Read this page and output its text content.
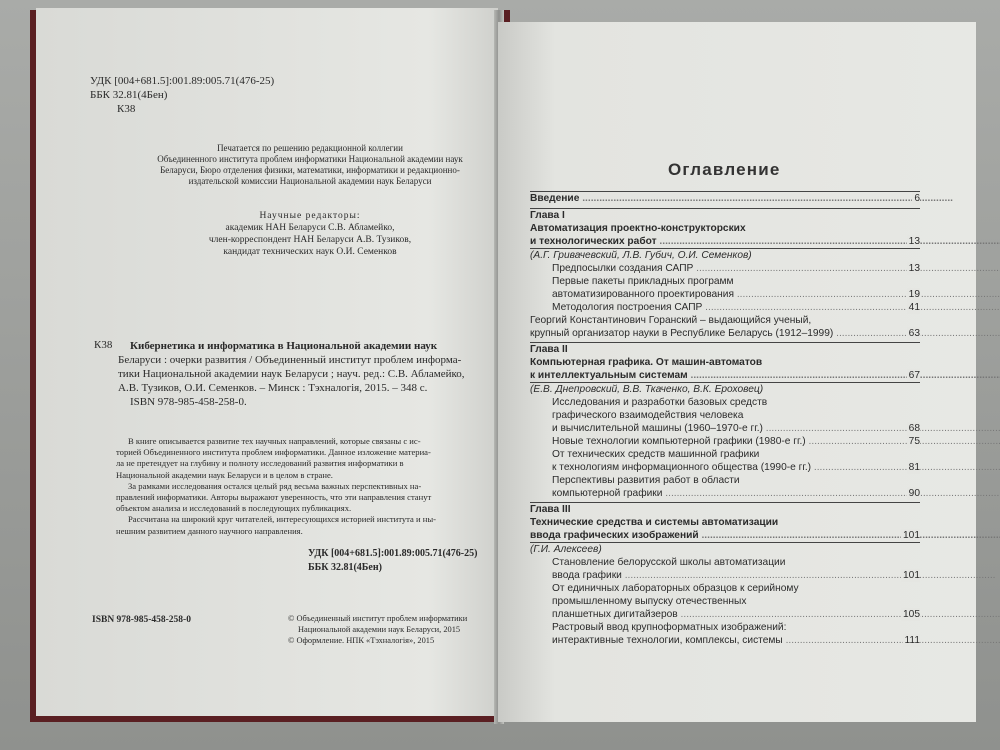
УДК [004+681.5]:001.89:005.71(476-25)
ББК 32.81(4Бен)
К38
Печатается по решению редакционной коллегии
Объединенного института проблем информатики Национальной академии наук
Беларуси, Бюро отделения физики, математики, информатики и редакционно-
издательской комиссии Национальной академии наук Беларуси
Научные редакторы:
академик НАН Беларуси С.В. Абламейко,
член-корреспондент НАН Беларуси А.В. Тузиков,
кандидат технических наук О.И. Семенков
К38 Кибернетика и информатика в Национальной академии наук
Беларуси : очерки развития / Объединенный институт проблем информа-
тики Национальной академии наук Беларуси ; науч. ред.: С.В. Абламейко,
А.В. Тузиков, О.И. Семенков. – Минск : Тэхналогія, 2015. – 348 с.
ISBN 978-985-458-258-0.
В книге описывается развитие тех научных направлений, которые связаны с ис-
торией Объединенного института проблем информатики. Данное изложение материа-
ла не претендует на глубину и полноту исследований развития информатики в
Национальной академии наук Беларуси и в целом в стране.
За рамками исследования остался целый ряд весьма важных перспективных на-
правлений информатики. Авторы выражают уверенность, что эти направления станут
объектом анализа и исследований в последующих публикациях.
Рассчитана на широкий круг читателей, интересующихся историей института и ны-
нешним развитием данного научного направления.
УДК [004+681.5]:001.89:005.71(476-25)
ББК 32.81(4Бен)
ISBN 978-985-458-258-0	© Объединенный институт проблем информатики
Национальной академии наук Беларуси, 2015
© Оформление. НПК «Тэхналогія», 2015
Оглавление
Введение .....	6
Глава I
Автоматизация проектно-конструкторских
и технологических работ .....	13
(А.Г. Гривачевский, Л.В. Губич, О.И. Семенков)
Предпосылки создания САПР .....	13
Первые пакеты прикладных программ
автоматизированного проектирования .....	19
Методология построения САПР .....	41
Георгий Константинович Горанский – выдающийся ученый,
крупный организатор науки в Республике Беларусь (1912–1999) .....	63
Глава II
Компьютерная графика. От машин-автоматов
к интеллектуальным системам .....	67
(Е.В. Днепровский, В.В. Ткаченко, В.К. Ероховец)
Исследования и разработки базовых средств
графического взаимодействия человека
и вычислительной машины (1960–1970-е гг.) .....	68
Новые технологии компьютерной графики (1980-е гг.) .....	75
От технических средств машинной графики
к технологиям информационного общества (1990-е гг.) .....	81
Перспективы развития работ в области
компьютерной графики .....	90
Глава III
Технические средства и системы автоматизации
ввода графических изображений .....	101
(Г.И. Алексеев)
Становление белорусской школы автоматизации
ввода графики .....	101
От единичных лабораторных образцов к серийному
промышленному выпуску отечественных
планшетных дигитайзеров .....	105
Растровый ввод крупноформатных изображений:
интерактивные технологии, комплексы, системы .....	111
